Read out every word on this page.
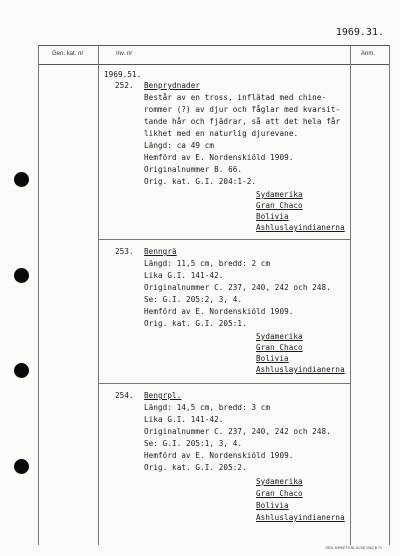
1969.31.
Gen. kat. nr	Inv. nr	Anm.
1969.51.
252. Benprydnader
Består av en tross, inflätad med chine-
rommer (?) av djur och fåglar med kvarsit-
tande hår och fjädrar, så att det hela får
likhet med en naturlig djurevane.
Längd: ca 49 cm
Hemförd av E. Nordenskiöld 1909.
Originalnummer B. 66.
Orig. kat. G.I. 204:1-2.
Sydamerika
Gran Chaco
Bolivia
Ashluslayindianerna
253. Benngrä
Längd: 11,5 cm, bredd: 2 cm
Lika G.I. 141-42.
Originalnummer C. 237, 240, 242 och 248.
Se: G.I. 205:2, 3, 4.
Hemförd av E. Nordenskiöld 1909.
Orig. kat. G.I. 205:1.
Sydamerika
Gran Chaco
Bolivia
Ashluslayindianerna
254. Bengrpl.
Längd: 14,5 cm, bredd: 3 cm
Lika G.I. 141-42.
Originalnummer C. 237, 240, 242 och 248.
Se: G.I. 205:1, 3, 4.
Hemförd av E. Nordenskiöld 1909.
Orig. kat. G.I. 205:2.
Sydamerika
Gran Chaco
Bolivia
Ashluslayindianerna
GRA. KIRKETS NL KLSE 1962 B 71
